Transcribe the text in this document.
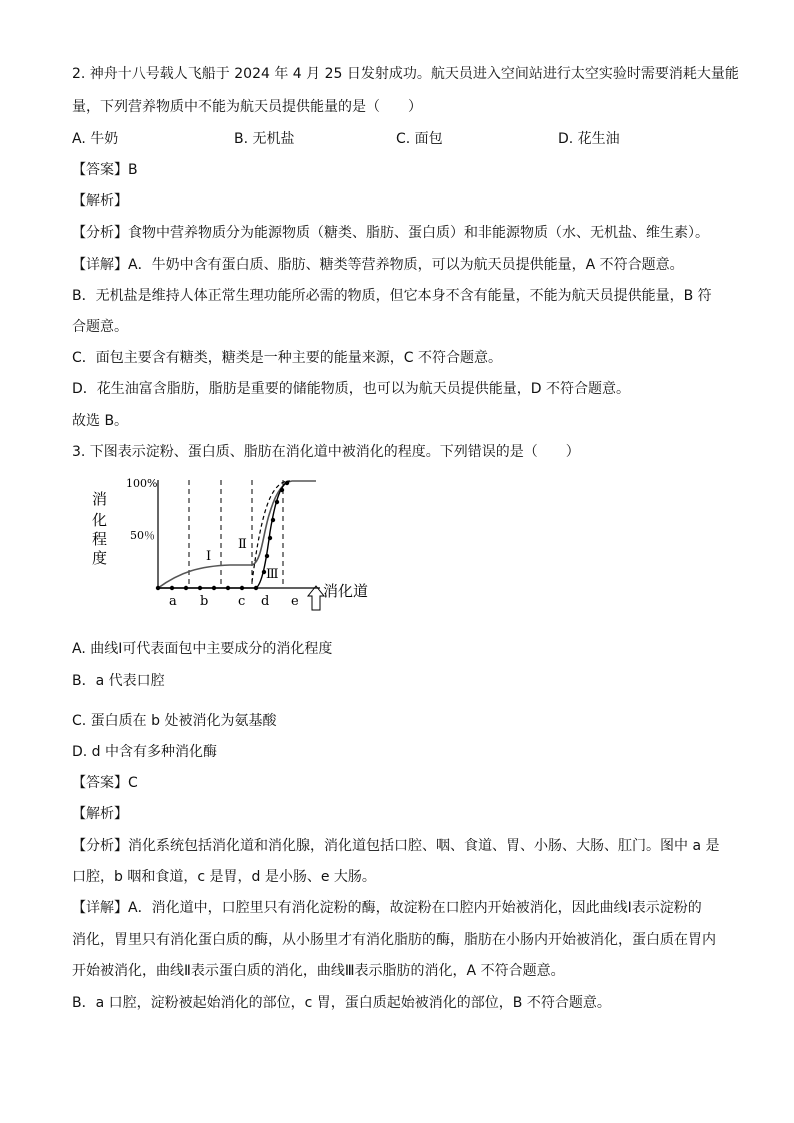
2. 神舟十八号载人飞船于 2024 年 4 月 25 日发射成功。航天员进入空间站进行太空实验时需要消耗大量能
量，下列营养物质中不能为航天员提供能量的是（　　）
A. 牛奶	B. 无机盐	C. 面包	D. 花生油
【答案】B
【解析】
【分析】食物中营养物质分为能源物质（糖类、脂肪、蛋白质）和非能源物质（水、无机盐、维生素）。
【详解】A．牛奶中含有蛋白质、脂肪、糖类等营养物质，可以为航天员提供能量，A 不符合题意。
B．无机盐是维持人体正常生理功能所必需的物质，但它本身不含有能量，不能为航天员提供能量，B 符
合题意。
C．面包主要含有糖类，糖类是一种主要的能量来源，C 不符合题意。
D．花生油富含脂肪，脂肪是重要的储能物质，也可以为航天员提供能量，D 不符合题意。
故选 B。
3. 下图表示淀粉、蛋白质、脂肪在消化道中被消化的程度。下列错误的是（　　）
消
化
程
度
100%
50％
Ⅰ
Ⅱ
Ⅲ
消化道
a b c d e
A. 曲线Ⅰ可代表面包中主要成分的消化程度
B．a 代表口腔
C. 蛋白质在 b 处被消化为氨基酸
D. d 中含有多种消化酶
【答案】C
【解析】
【分析】消化系统包括消化道和消化腺，消化道包括口腔、咽、食道、胃、小肠、大肠、肛门。图中 a 是
口腔，b 咽和食道，c 是胃，d 是小肠、e 大肠。
【详解】A．消化道中，口腔里只有消化淀粉的酶，故淀粉在口腔内开始被消化，因此曲线Ⅰ表示淀粉的
消化，胃里只有消化蛋白质的酶，从小肠里才有消化脂肪的酶，脂肪在小肠内开始被消化，蛋白质在胃内
开始被消化，曲线Ⅱ表示蛋白质的消化，曲线Ⅲ表示脂肪的消化，A 不符合题意。
B．a 口腔，淀粉被起始消化的部位，c 胃，蛋白质起始被消化的部位，B 不符合题意。
